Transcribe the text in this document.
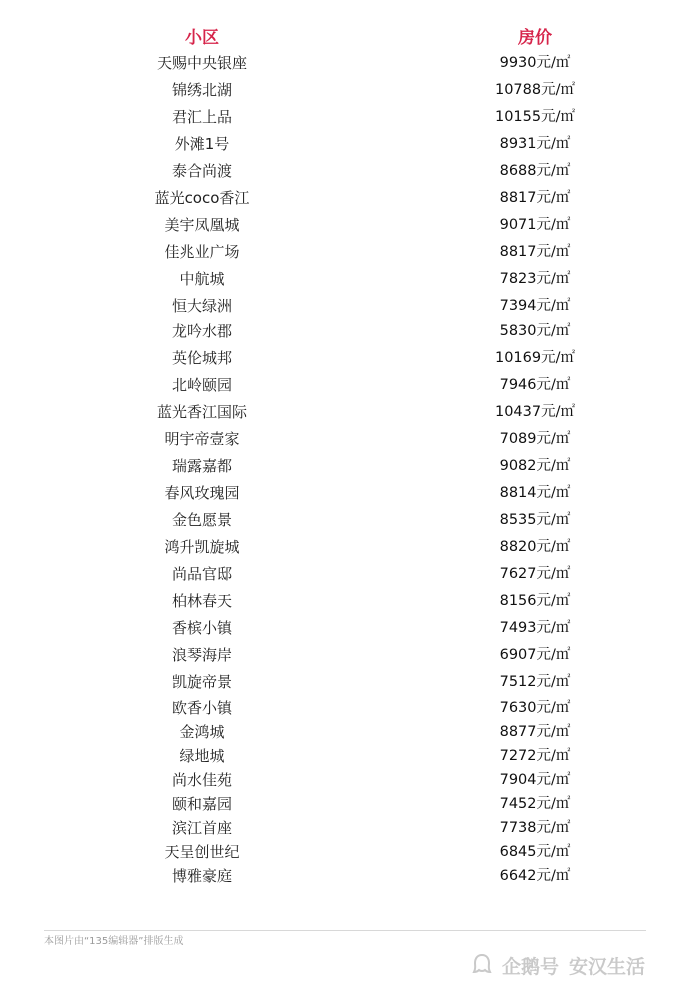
小区	房价
天赐中央银座	9930元/㎡
锦绣北湖	10788元/㎡
君汇上品	10155元/㎡
外滩1号	8931元/㎡
泰合尚渡	8688元/㎡
蓝光coco香江	8817元/㎡
美宇凤凰城	9071元/㎡
佳兆业广场	8817元/㎡
中航城	7823元/㎡
恒大绿洲	7394元/㎡
龙吟水郡	5830元/㎡
英伦城邦	10169元/㎡
北岭颐园	7946元/㎡
蓝光香江国际	10437元/㎡
明宇帝壹家	7089元/㎡
瑞露嘉都	9082元/㎡
春风玫瑰园	8814元/㎡
金色愿景	8535元/㎡
鸿升凯旋城	8820元/㎡
尚品官邸	7627元/㎡
柏林春天	8156元/㎡
香槟小镇	7493元/㎡
浪琴海岸	6907元/㎡
凯旋帝景	7512元/㎡
欧香小镇	7630元/㎡
金鸿城	8877元/㎡
绿地城	7272元/㎡
尚水佳苑	7904元/㎡
颐和嘉园	7452元/㎡
滨江首座	7738元/㎡
天呈创世纪	6845元/㎡
博雅豪庭	6642元/㎡
本图片由“135编辑器”排版生成
企鹅号 安汉生活
